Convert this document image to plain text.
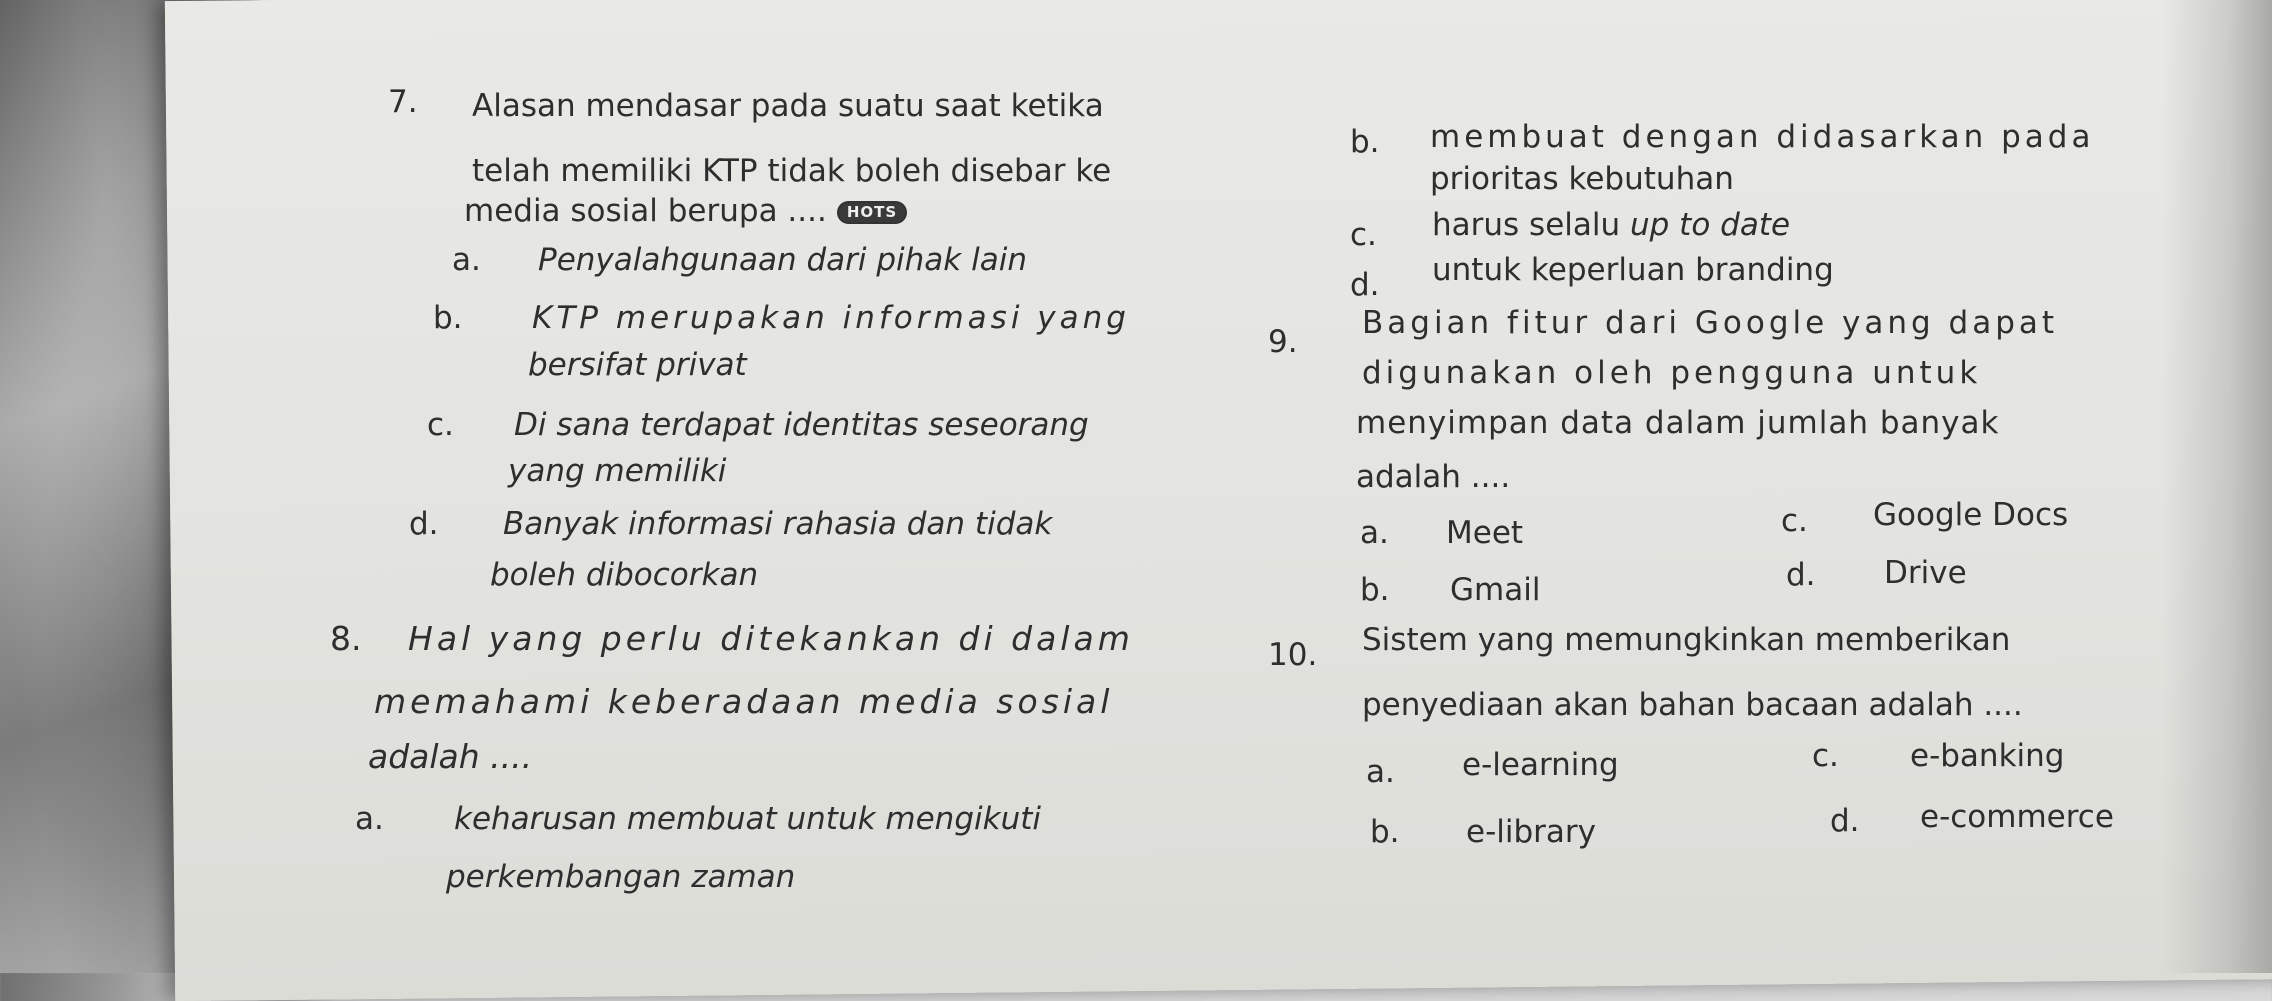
7. Alasan mendasar pada suatu saat ketika
telah memiliki KTP tidak boleh disebar ke
media sosial berupa .... HOTS
a. Penyalahgunaan dari pihak lain
b. KTP merupakan informasi yang
bersifat privat
c. Di sana terdapat identitas seseorang
yang memiliki
d. Banyak informasi rahasia dan tidak
boleh dibocorkan
8. Hal yang perlu ditekankan di dalam
memahami keberadaan media sosial
adalah ....
a. keharusan membuat untuk mengikuti
perkembangan zaman
b. membuat dengan didasarkan pada
prioritas kebutuhan
c. harus selalu up to date
d. untuk keperluan branding
9.
Bagian fitur dari Google yang dapat
digunakan oleh pengguna untuk
menyimpan data dalam jumlah banyak
adalah ....
a. Meet
b. Gmail
c. Google Docs
d. Drive
10. Sistem yang memungkinkan memberikan
penyediaan akan bahan bacaan adalah ....
a. e-learning
b. e-library
c. e-banking
d. e-commerce
